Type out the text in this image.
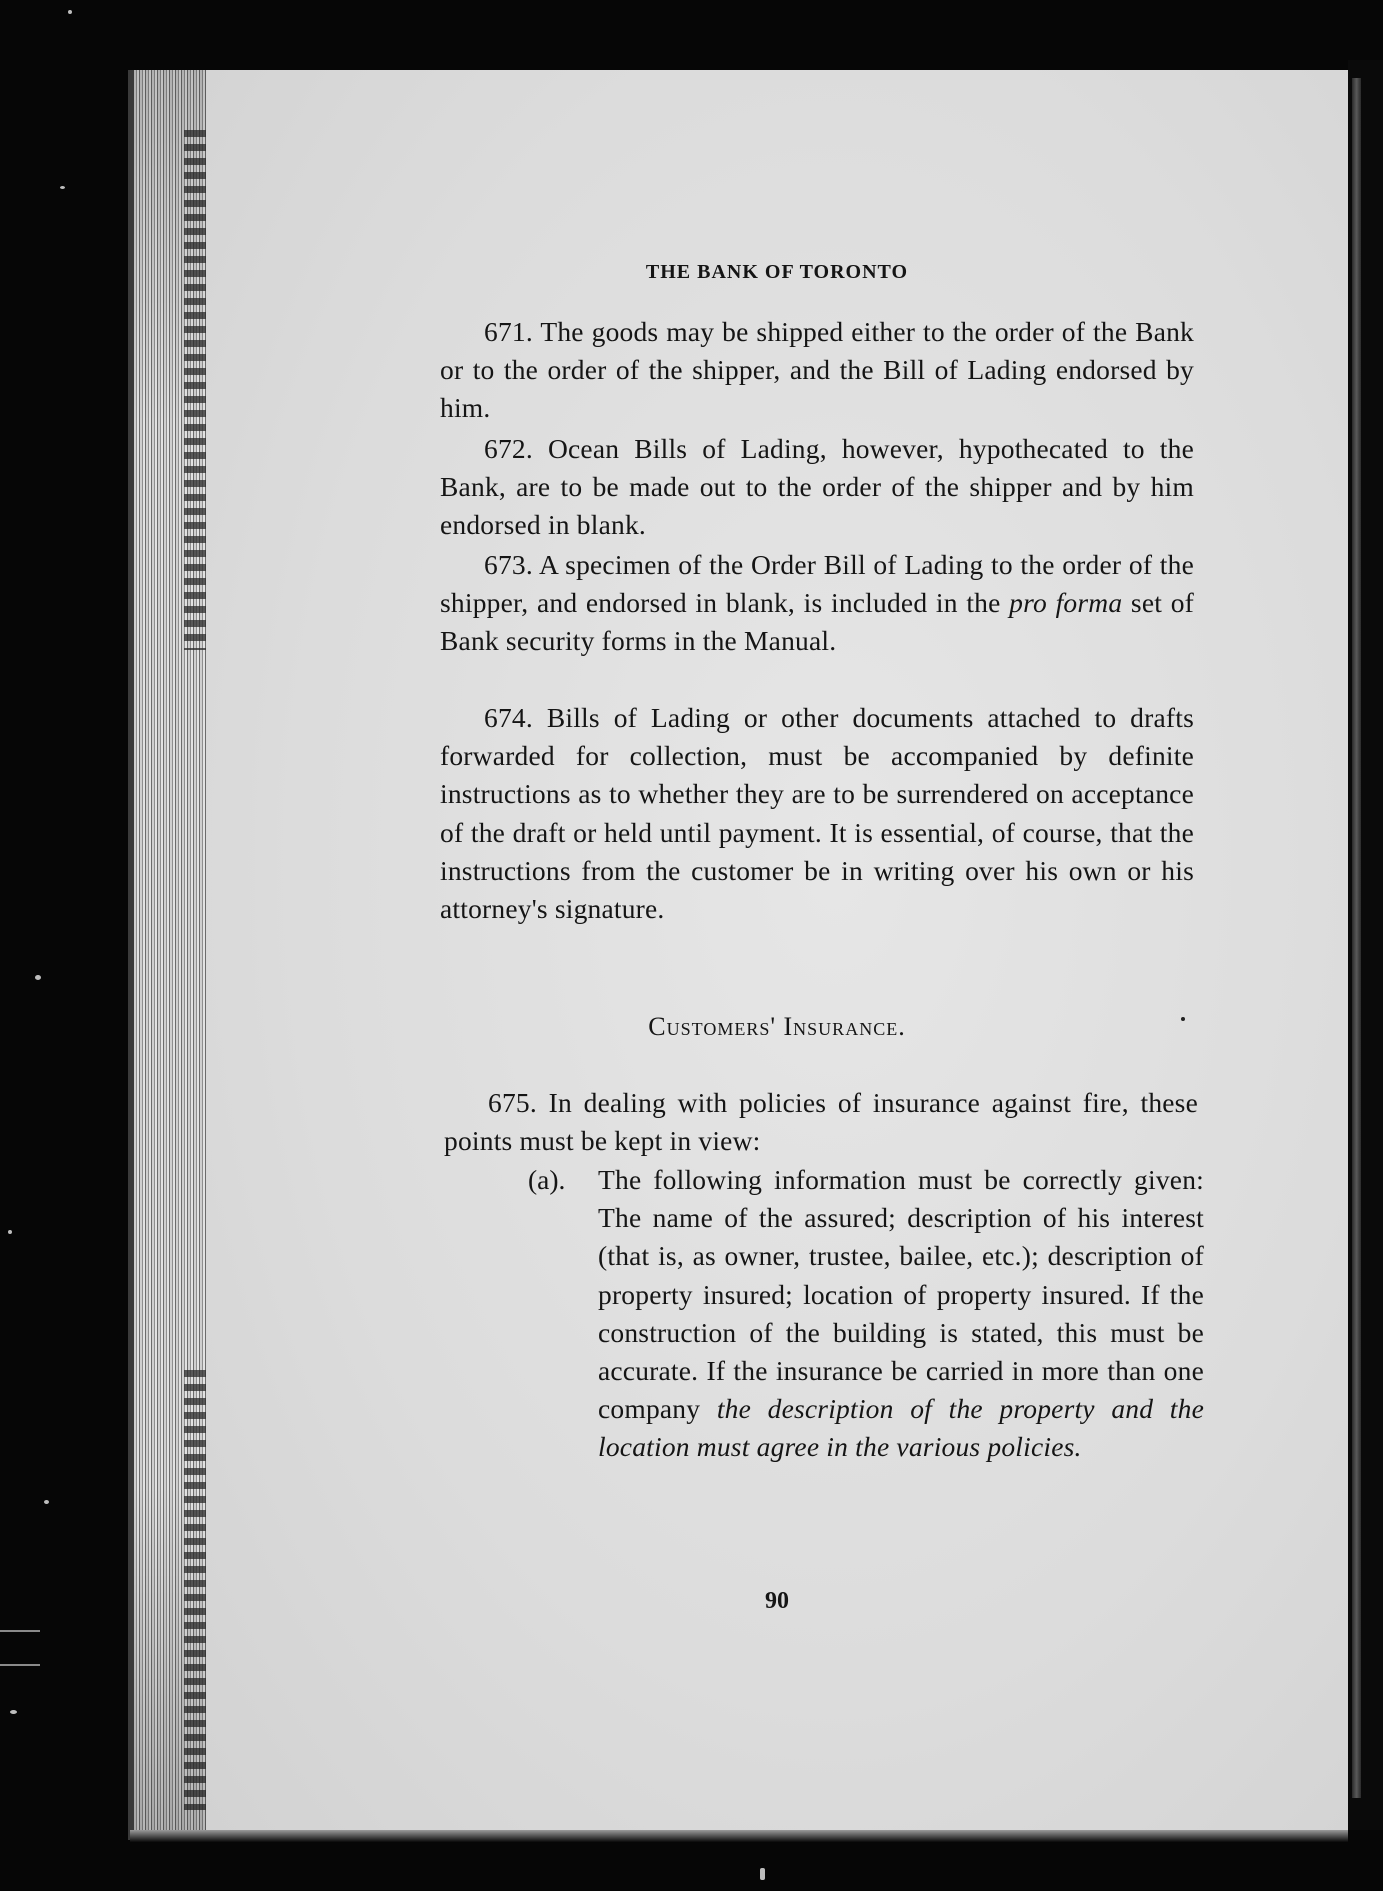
THE BANK OF TORONTO

671. The goods may be shipped either to the order of the Bank or to the order of the shipper, and the Bill of Lading endorsed by him.

672. Ocean Bills of Lading, however, hypothecated to the Bank, are to be made out to the order of the shipper and by him endorsed in blank.

673. A specimen of the Order Bill of Lading to the order of the shipper, and endorsed in blank, is included in the pro forma set of Bank security forms in the Manual.

674. Bills of Lading or other documents attached to drafts forwarded for collection, must be accompanied by definite instructions as to whether they are to be surrendered on acceptance of the draft or held until payment. It is essential, of course, that the instructions from the customer be in writing over his own or his attorney's signature.

Customers' Insurance.

675. In dealing with policies of insurance against fire, these points must be kept in view:

(a). The following information must be correctly given: The name of the assured; description of his interest (that is, as owner, trustee, bailee, etc.); description of property insured; location of property insured. If the construction of the building is stated, this must be accurate. If the insurance be carried in more than one company the description of the property and the location must agree in the various policies.

90
